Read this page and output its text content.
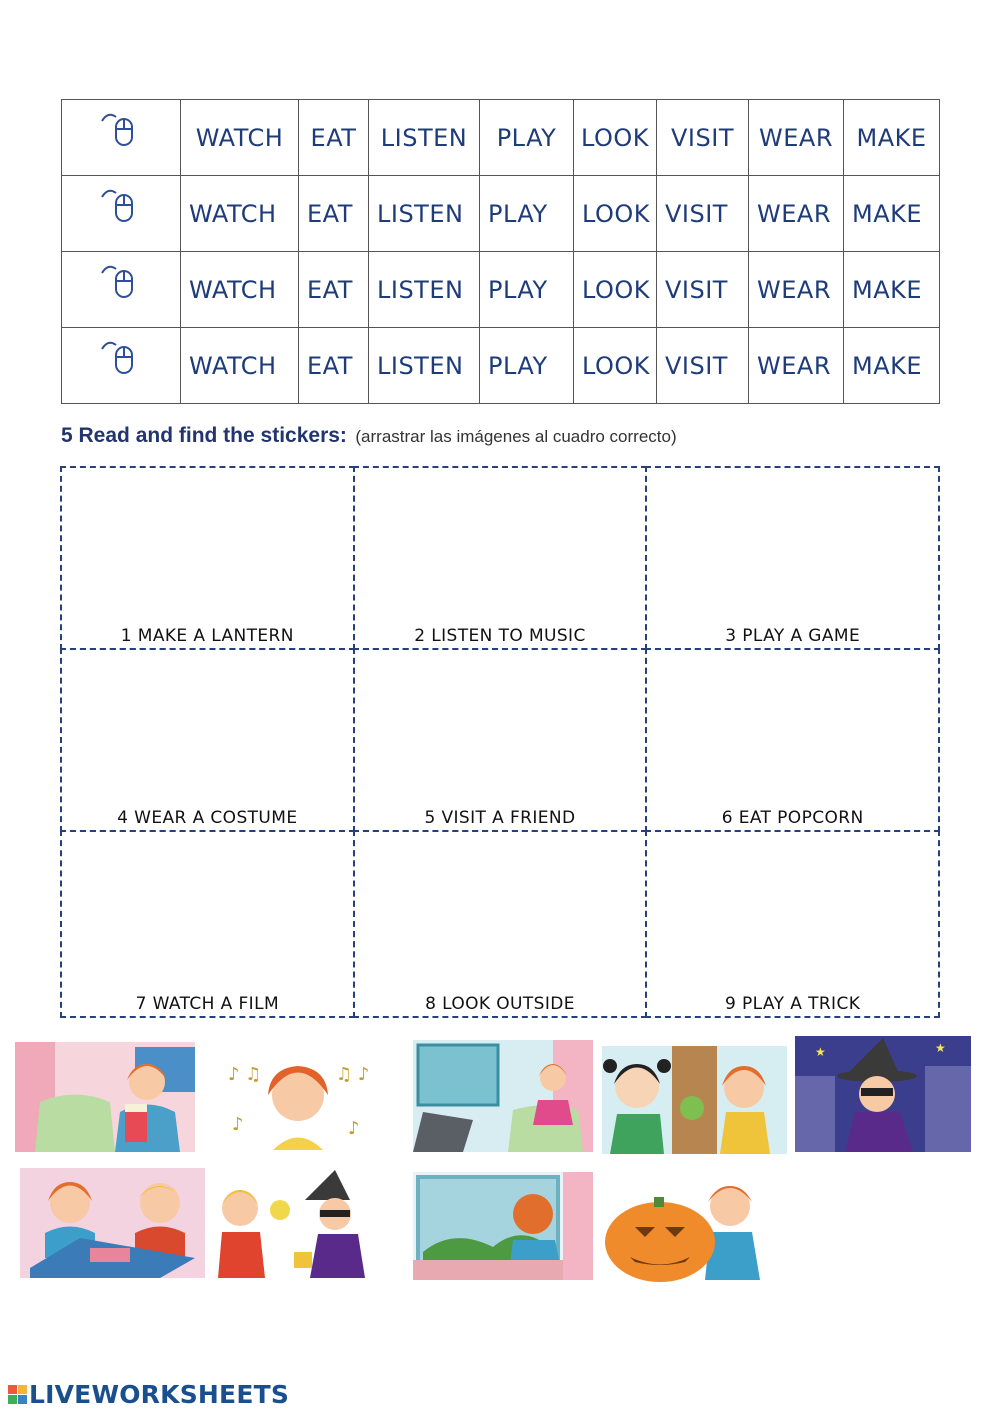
	WATCH	EAT	LISTEN	PLAY	LOOK	VISIT	WEAR	MAKE

	WATCH	EAT	LISTEN	PLAY	LOOK	VISIT	WEAR	MAKE

	WATCH	EAT	LISTEN	PLAY	LOOK	VISIT	WEAR	MAKE

	WATCH	EAT	LISTEN	PLAY	LOOK	VISIT	WEAR	MAKE
5 Read and find the stickers: (arrastrar las imágenes al cuadro correcto)
1 MAKE A LANTERN	2 LISTEN TO MUSIC	3 PLAY A GAME
4 WEAR A COSTUME	5 VISIT A FRIEND	6 EAT POPCORN
7 WATCH A FILM	8 LOOK OUTSIDE	9 PLAY A TRICK
♪ ♫	♫ ♪
♪	♪
★	★
LIVEWORKSHEETS
